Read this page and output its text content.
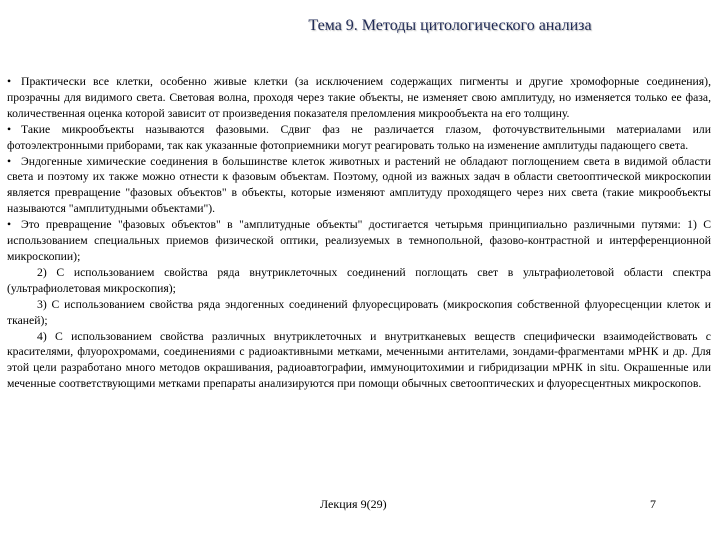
Тема 9. Методы цитологического анализа

• Практически все клетки, особенно живые клетки (за исключением содержащих пигменты и другие хромофорные соединения), прозрачны для видимого света. Световая волна, проходя через такие объекты, не изменяет свою амплитуду, но изменяется только ее фаза, количественная оценка которой зависит от произведения показателя преломления микрообъекта на его толщину.

• Такие микрообъекты называются фазовыми. Сдвиг фаз не различается глазом, фоточувствительными материалами или фотоэлектронными приборами, так как указанные фотоприемники могут реагировать только на изменение амплитуды падающего света.

• Эндогенные химические соединения в большинстве клеток животных и растений не обладают поглощением света в видимой области света и поэтому их также можно отнести к фазовым объектам. Поэтому, одной из важных задач в области светооптической микроскопии является превращение "фазовых объектов" в объекты, которые изменяют амплитуду проходящего через них света (такие микрообъекты называются "амплитудными объектами").

• Это превращение "фазовых объектов" в "амплитудные объекты" достигается четырьмя принципиально различными путями: 1) С использованием специальных приемов физической оптики, реализуемых в темнопольной, фазово-контрастной и интерференционной микроскопии);

2) С использованием свойства ряда внутриклеточных соединений поглощать свет в ультрафиолетовой области спектра (ультрафиолетовая микроскопия);

3) С использованием свойства ряда эндогенных соединений флуоресцировать (микроскопия собственной флуоресценции клеток и тканей);

4) С использованием свойства различных внутриклеточных и внутритканевых веществ специфически взаимодействовать с красителями, флуорохромами, соединениями с радиоактивными метками, меченными антителами, зондами-фрагментами мРНК и др. Для этой цели разработано много методов окрашивания, радиоавтографии, иммуноцитохимии и гибридизации мРНК in situ. Окрашенные или меченные соответствующими метками препараты анализируются при помощи обычных светооптических и флуоресцентных микроскопов.

Лекция 9(29)	7
